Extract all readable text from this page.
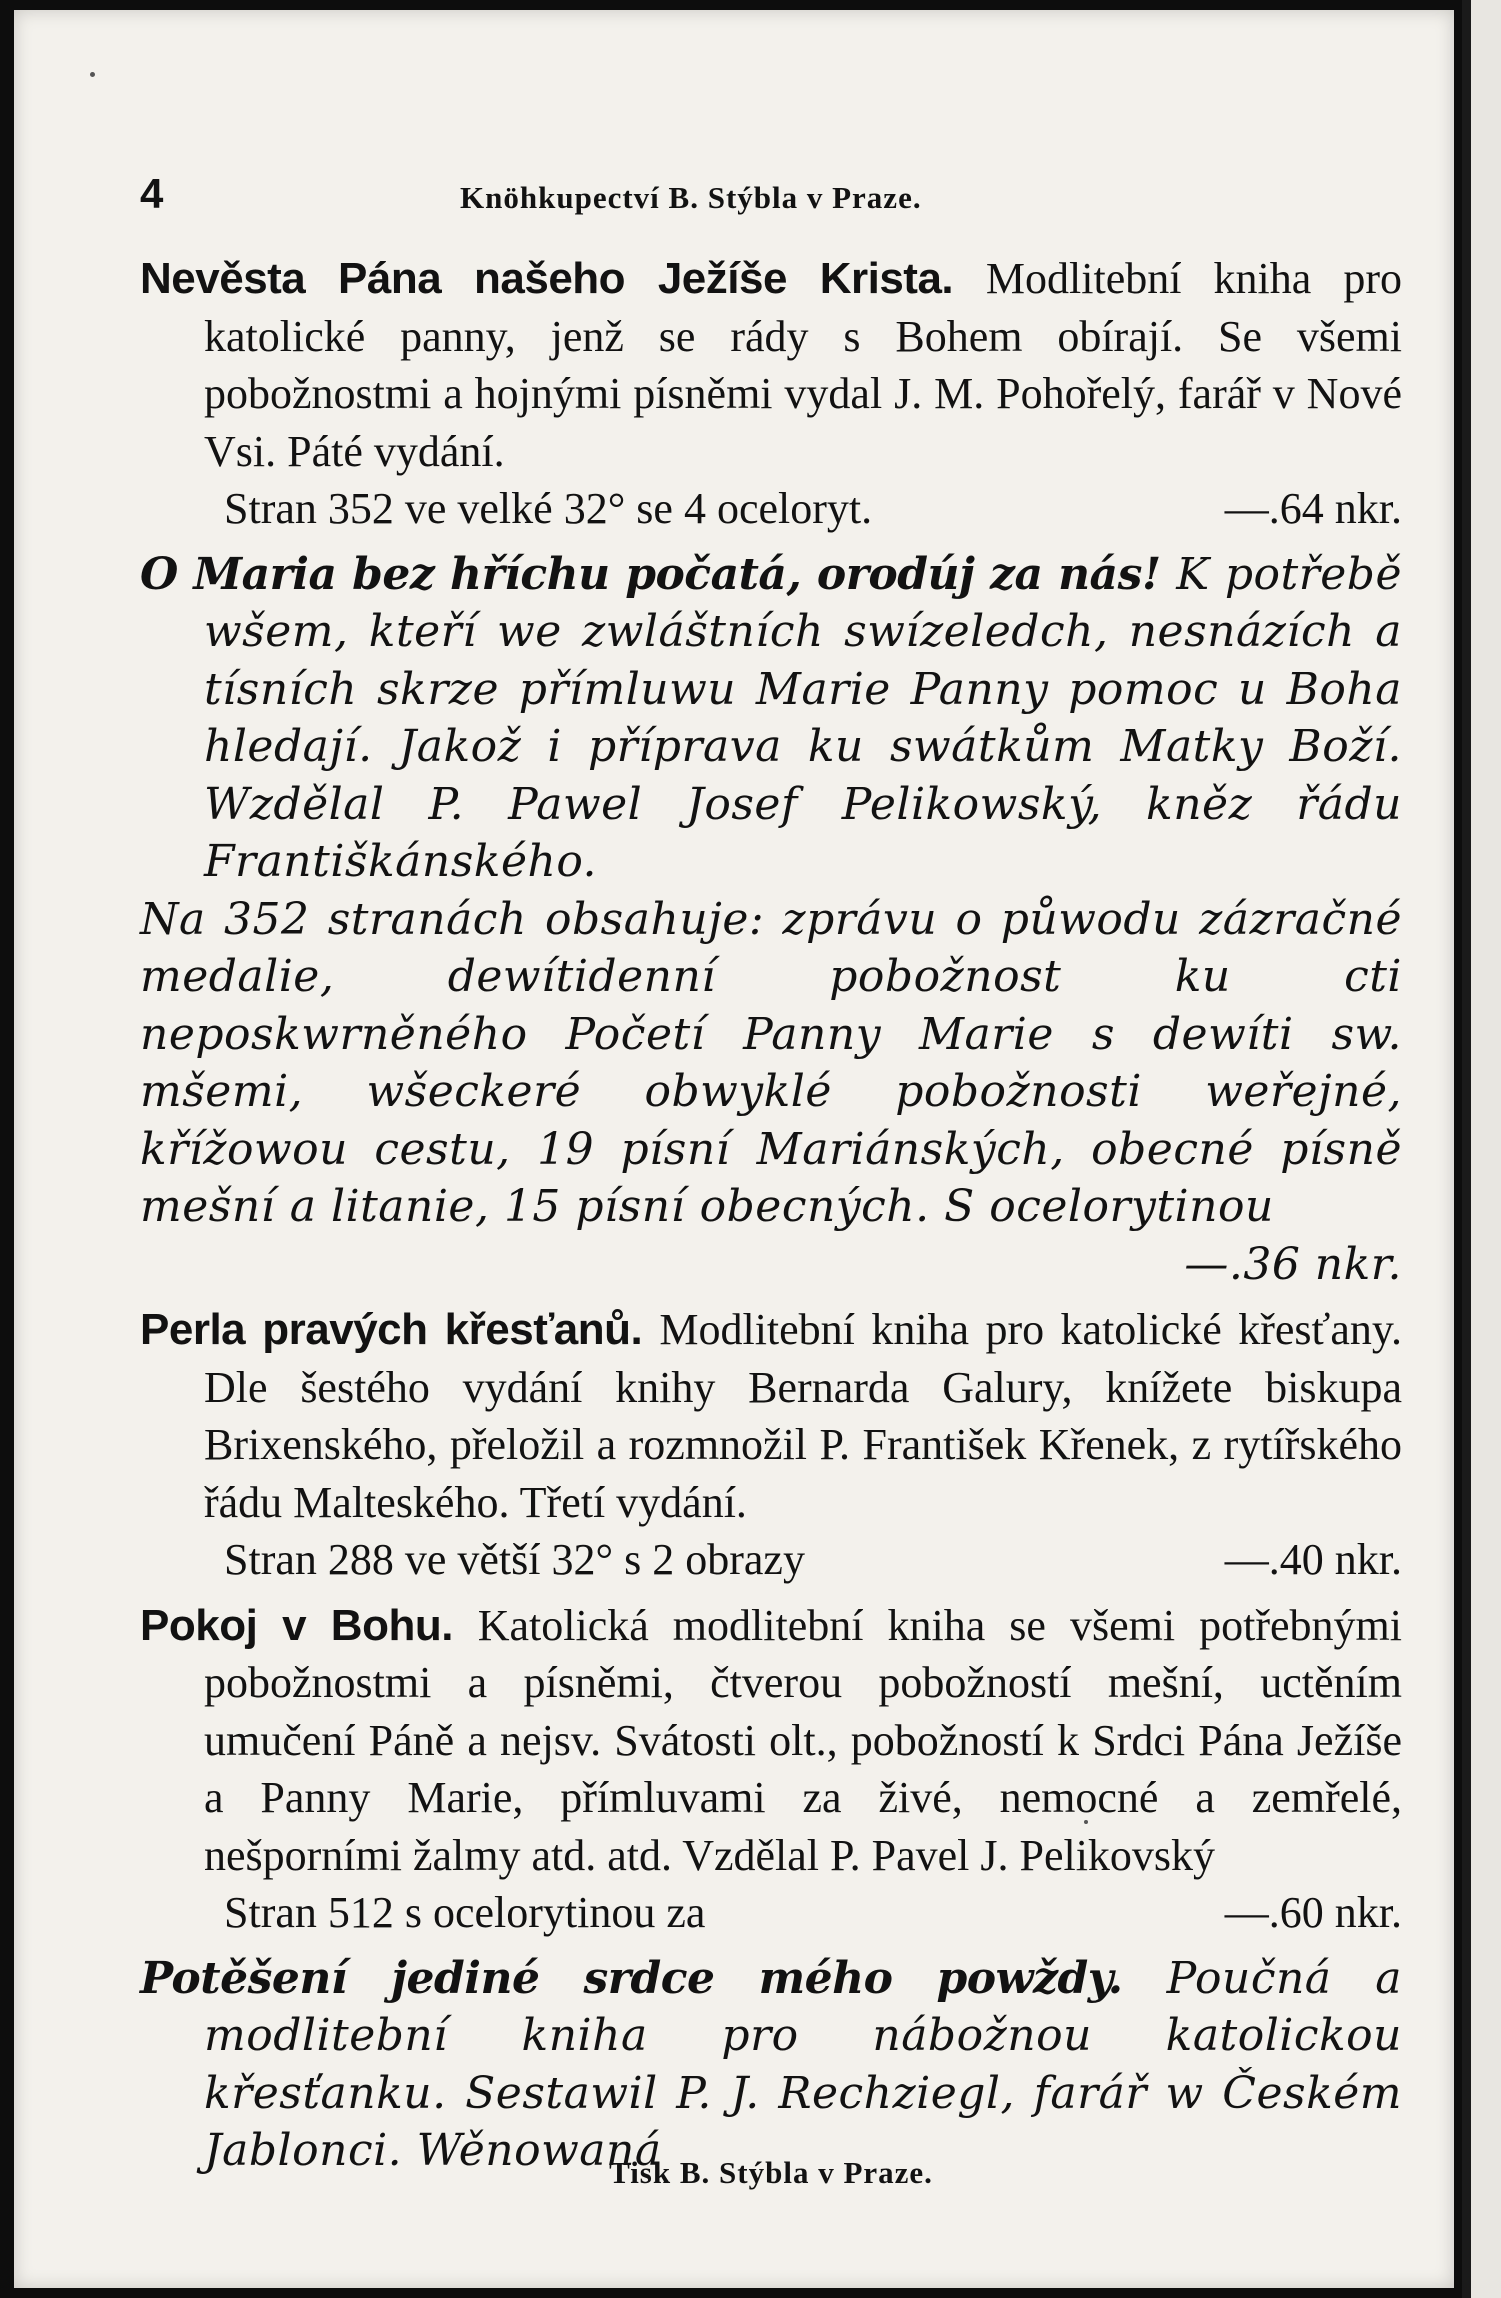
4	Knöhkupectví B. Stýbla v Praze.
Nevěsta Pána našeho Ježíše Krista. Modlitební kniha pro katolické panny, jenž se rády s Bohem obírají. Se všemi pobožnostmi a hojnými písněmi vydal J. M. Pohořelý, farář v Nové Vsi. Páté vydání.
Stran 352 ve velké 32° se 4 oceloryt.	—.64 nkr.
O Maria bez hříchu počatá, orodúj za nás! K potřebě wšem, kteří we zwláštních swízeledch, nesnázích a tísních skrze přímluwu Marie Panny pomoc u Boha hledají. Jakož i přípravа ku swátkům Matky Boží. Wzdělal P. Pawel Josef Pelikowský, kněz řádu Františkánského.
Na 352 stranách obsahuje: zprávu o půwodu zázračné medalie, dewítidenní pobožnost ku cti neposkwrněného Početí Panny Marie s dewíti sw. mšemi, wšeckeré obwyklé pobožnosti weřejné, křížowou cestu, 19 písní Mariánských, obecné písně mešní a litanie, 15 písní obecných. S ocelorytinou
—.36 nkr.
Perla pravých křesťanů. Modlitební kniha pro katolické křesťany. Dle šestého vydání knihy Bernarda Galury, knížete biskupa Brixenského, přeložil a rozmnožil P. František Křenek, z rytířského řádu Malteského. Třetí vydání.
Stran 288 ve větší 32° s 2 obrazy	—.40 nkr.
Pokoj v Bohu. Katolická modlitební kniha se všemi potřebnými pobožnostmi a písněmi, čtverou pobožností mešní, uctěním umučení Páně a nejsv. Svátosti olt., pobožností k Srdci Pána Ježíše a Panny Marie, přímluvami za živé, nemocné a zemřelé, nešporními žalmy atd. atd. Vzdělal P. Pavel J. Pelikovský
Stran 512 s ocelorytinou za	—.60 nkr.
Potěšení jediné srdce mého powždy. Poučná a modlitební kniha pro nábožnou katolickou křesťanku. Sestawil P. J. Rechziegl, farář w Českém Jablonci. Wěnowaná
Tisk B. Stýbla v Praze.
